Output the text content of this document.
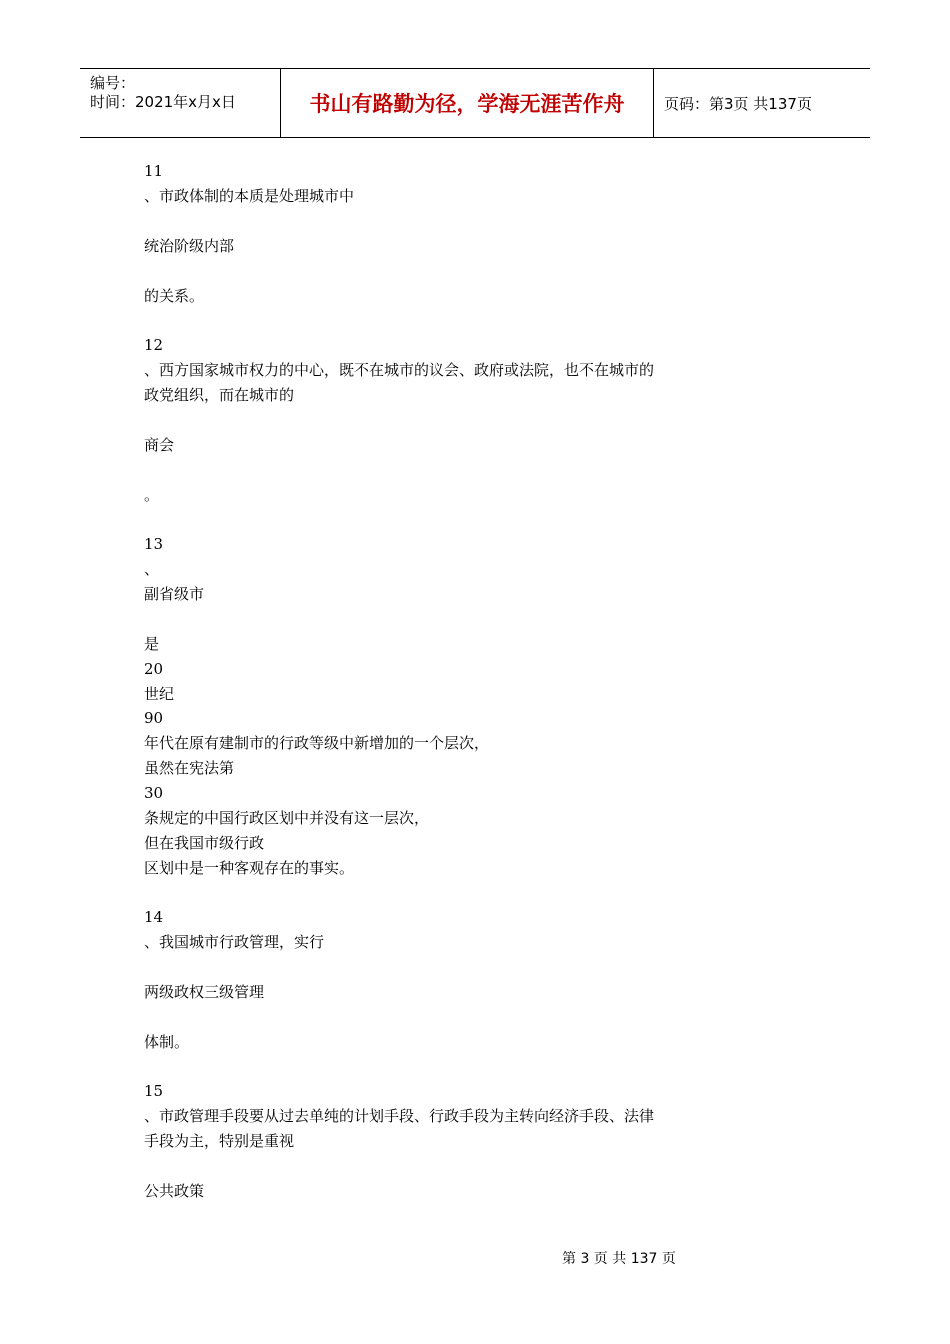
编号：
时间：2021年x月x日	书山有路勤为径，学海无涯苦作舟	页码：第3页 共137页
11
、市政体制的本质是处理城市中
统治阶级内部
的关系。
12
、西方国家城市权力的中心，既不在城市的议会、政府或法院，也不在城市的
政党组织，而在城市的
商会
。
13
、
副省级市
是
20
世纪
90
年代在原有建制市的行政等级中新增加的一个层次，
虽然在宪法第
30
条规定的中国行政区划中并没有这一层次，
但在我国市级行政
区划中是一种客观存在的事实。
14
、我国城市行政管理，实行
两级政权三级管理
体制。
15
、市政管理手段要从过去单纯的计划手段、行政手段为主转向经济手段、法律
手段为主，特别是重视
公共政策
第 3 页 共 137 页
